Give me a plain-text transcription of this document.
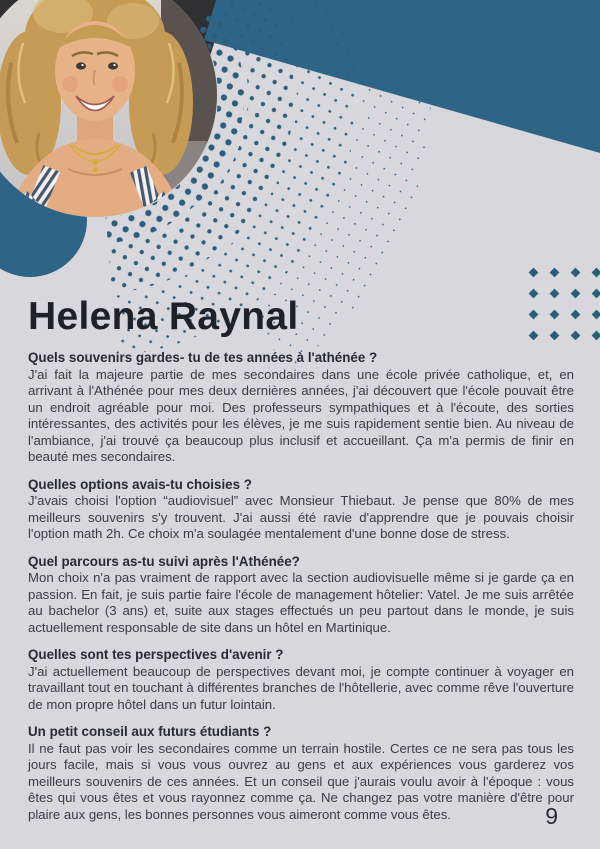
Helena Raynal
Quels souvenirs gardes- tu de tes années à l'athénée ?

J'ai fait la majeure partie de mes secondaires dans une école privée catholique, et, en arrivant à l'Athénée pour mes deux dernières années, j'ai découvert que l'école pouvait être un endroit agréable pour moi. Des professeurs sympathiques et à l'écoute, des sorties intéressantes, des activités pour les élèves, je me suis rapidement sentie bien. Au niveau de l'ambiance, j'ai trouvé ça beaucoup plus inclusif et accueillant. Ça m'a permis de finir en beauté mes secondaires.

Quelles options avais-tu choisies ?

J'avais choisi l'option “audiovisuel” avec Monsieur Thiebaut. Je pense que 80% de mes meilleurs souvenirs s'y trouvent. J'ai aussi été ravie d'apprendre que je pouvais choisir l'option math 2h. Ce choix m'a soulagée mentalement d'une bonne dose de stress.

Quel parcours as-tu suivi après l'Athénée?

Mon choix n'a pas vraiment de rapport avec la section audiovisuelle même si je garde ça en passion. En fait, je suis partie faire l'école de management hôtelier: Vatel. Je me suis arrêtée au bachelor (3 ans) et, suite aux stages effectués un peu partout dans le monde, je suis actuellement responsable de site dans un hôtel en Martinique.

Quelles sont tes perspectives d'avenir ?

J'ai actuellement beaucoup de perspectives devant moi, je compte continuer à voyager en travaillant tout en touchant à différentes branches de l'hôtellerie, avec comme rêve l'ouverture de mon propre hôtel dans un futur lointain.

Un petit conseil aux futurs étudiants ?

Il ne faut pas voir les secondaires comme un terrain hostile. Certes ce ne sera pas tous les jours facile, mais si vous vous ouvrez au gens et aux expériences vous garderez vos meilleurs souvenirs de ces années. Et un conseil que j'aurais voulu avoir à l'époque : vous êtes qui vous êtes et vous rayonnez comme ça. Ne changez pas votre manière d'être pour plaire aux gens, les bonnes personnes vous aimeront comme vous êtes.	9
